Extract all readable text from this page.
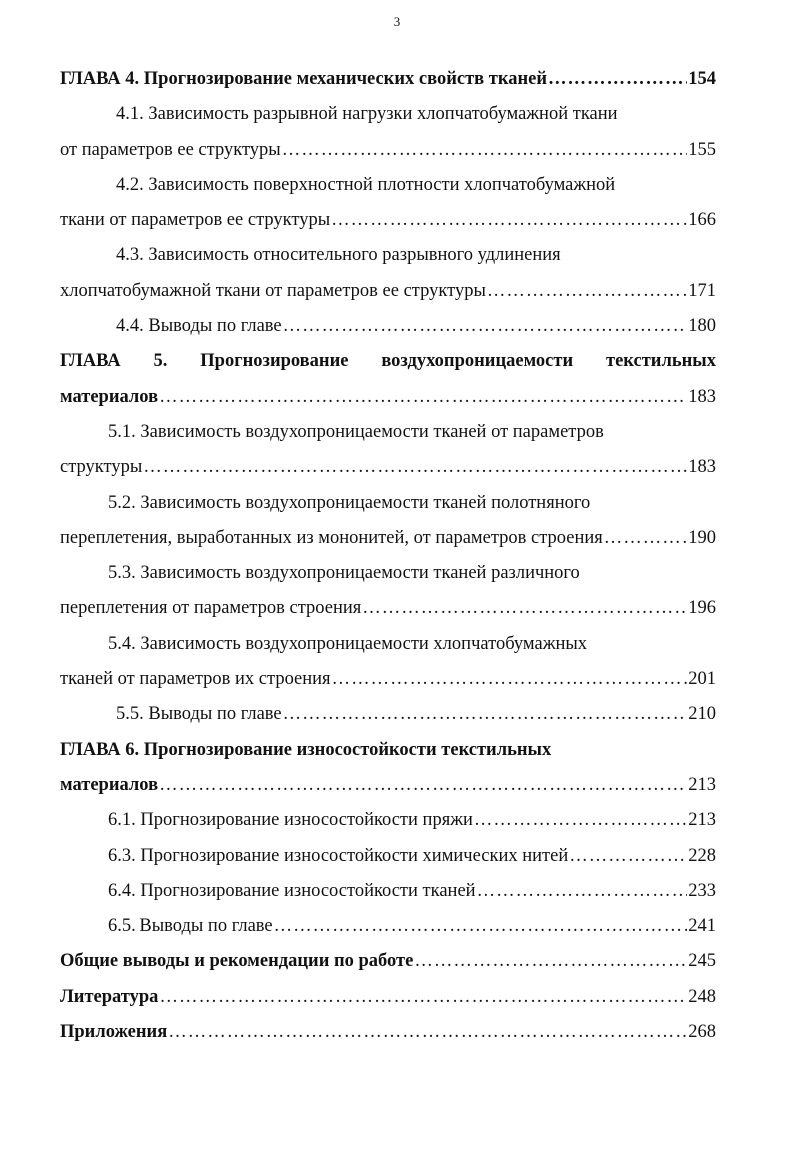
3
ГЛАВА 4. Прогнозирование механических свойств тканей …………………………………………………………………………………………………………………………………………………………………………………………………………………………	154
4.1. Зависимость разрывной нагрузки хлопчатобумажной ткани
от параметров ее структуры …………………………………………………………………………………………………………………………………………………………………………………………………………………………	155
4.2. Зависимость поверхностной плотности хлопчатобумажной
ткани от параметров ее структуры …………………………………………………………………………………………………………………………………………………………………………………………………………………………	166
4.3. Зависимость относительного разрывного удлинения
хлопчатобумажной ткани от параметров ее структуры …………………………………………………………………………………………………………………………………………………………………………………………………………………………	171
4.4. Выводы по главе …………………………………………………………………………………………………………………………………………………………………………………………………………………………	180
ГЛАВА 5. Прогнозирование воздухопроницаемости текстильных
материалов …………………………………………………………………………………………………………………………………………………………………………………………………………………………	183
5.1. Зависимость воздухопроницаемости тканей от параметров
структуры …………………………………………………………………………………………………………………………………………………………………………………………………………………………	183
5.2. Зависимость воздухопроницаемости тканей полотняного
переплетения, выработанных из мононитей, от параметров строения …………………………………………………………………………………………………………………………………………………………………………………………………………………………	190
5.3. Зависимость воздухопроницаемости тканей различного
переплетения от параметров строения …………………………………………………………………………………………………………………………………………………………………………………………………………………………	196
5.4. Зависимость воздухопроницаемости хлопчатобумажных
тканей от параметров их строения …………………………………………………………………………………………………………………………………………………………………………………………………………………………	201
5.5. Выводы по главе …………………………………………………………………………………………………………………………………………………………………………………………………………………………	210
ГЛАВА 6. Прогнозирование износостойкости текстильных
материалов …………………………………………………………………………………………………………………………………………………………………………………………………………………………	213
6.1. Прогнозирование износостойкости пряжи …………………………………………………………………………………………………………………………………………………………………………………………………………………………	213
6.3. Прогнозирование износостойкости химических нитей …………………………………………………………………………………………………………………………………………………………………………………………………………………………	228
6.4. Прогнозирование износостойкости тканей …………………………………………………………………………………………………………………………………………………………………………………………………………………………	233
6.5. Выводы по главе …………………………………………………………………………………………………………………………………………………………………………………………………………………………	241
Общие выводы и рекомендации по работе …………………………………………………………………………………………………………………………………………………………………………………………………………………………	245
Литература …………………………………………………………………………………………………………………………………………………………………………………………………………………………	248
Приложения …………………………………………………………………………………………………………………………………………………………………………………………………………………………	268
